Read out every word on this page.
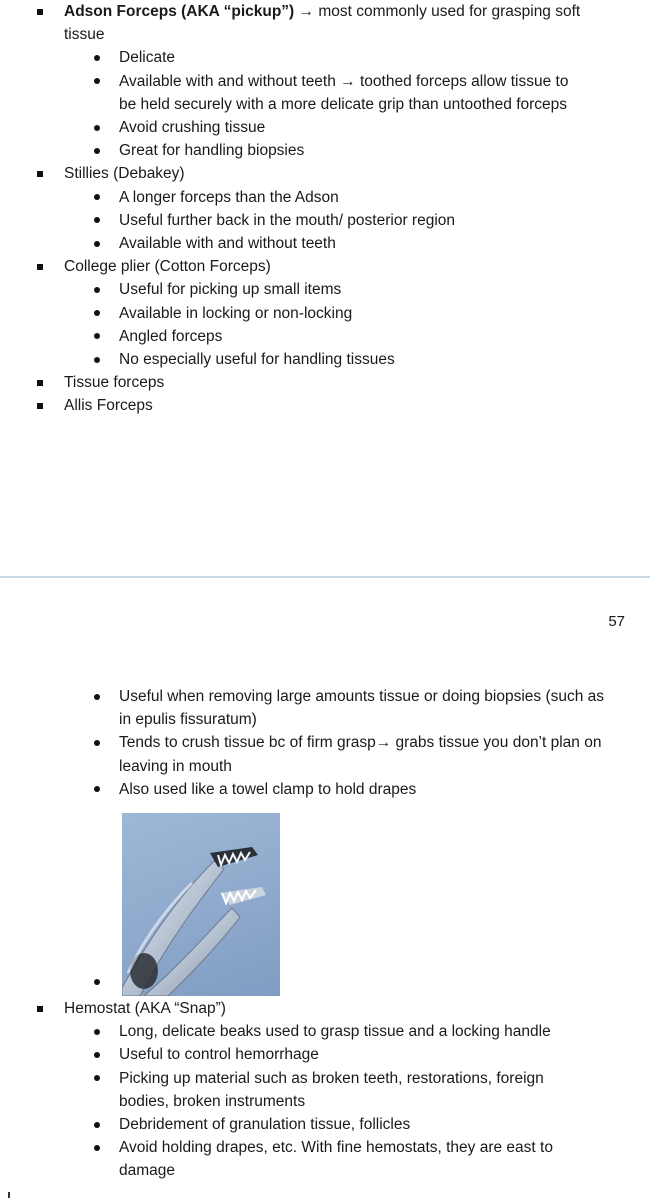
Adson Forceps (AKA “pickup”) → most commonly used for grasping soft tissue
Delicate
Available with and without teeth → toothed forceps allow tissue to be held securely with a more delicate grip than untoothed forceps
Avoid crushing tissue
Great for handling biopsies
Stillies (Debakey)
A longer forceps than the Adson
Useful further back in the mouth/ posterior region
Available with and without teeth
College plier (Cotton Forceps)
Useful for picking up small items
Available in locking or non-locking
Angled forceps
No especially useful for handling tissues
Tissue forceps
Allis Forceps
57
Useful when removing large amounts tissue or doing biopsies (such as in epulis fissuratum)
Tends to crush tissue bc of firm grasp→ grabs tissue you don’t plan on leaving in mouth
Also used like a towel clamp to hold drapes
Hemostat (AKA “Snap”)
Long, delicate beaks used to grasp tissue and a locking handle
Useful to control hemorrhage
Picking up material such as broken teeth, restorations, foreign bodies, broken instruments
Debridement of granulation tissue, follicles
Avoid holding drapes, etc. With fine hemostats, they are east to damage
